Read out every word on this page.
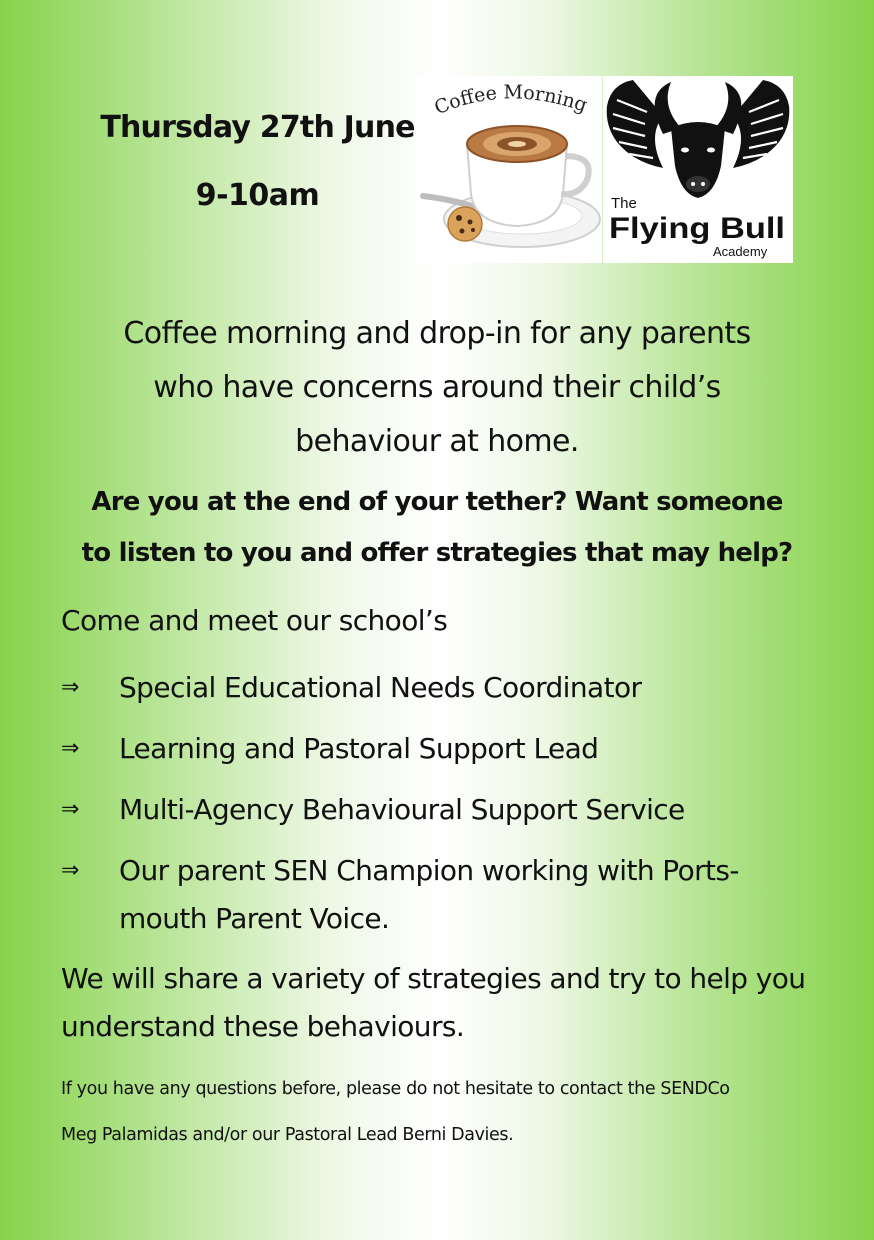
Thursday 27th June
9-10am
Coffee Morning
The
Flying Bull
Academy
Coffee morning and drop-in for any parents
who have concerns around their child’s
behaviour at home.
Are you at the end of your tether? Want someone
to listen to you and offer strategies that may help?
Come and meet our school’s
⇒ Special Educational Needs Coordinator
⇒ Learning and Pastoral Support Lead
⇒ Multi-Agency Behavioural Support Service
⇒ Our parent SEN Champion working with Ports-mouth Parent Voice.
We will share a variety of strategies and try to help you understand these behaviours.
If you have any questions before, please do not hesitate to contact the SENDCo
Meg Palamidas and/or our Pastoral Lead Berni Davies.
